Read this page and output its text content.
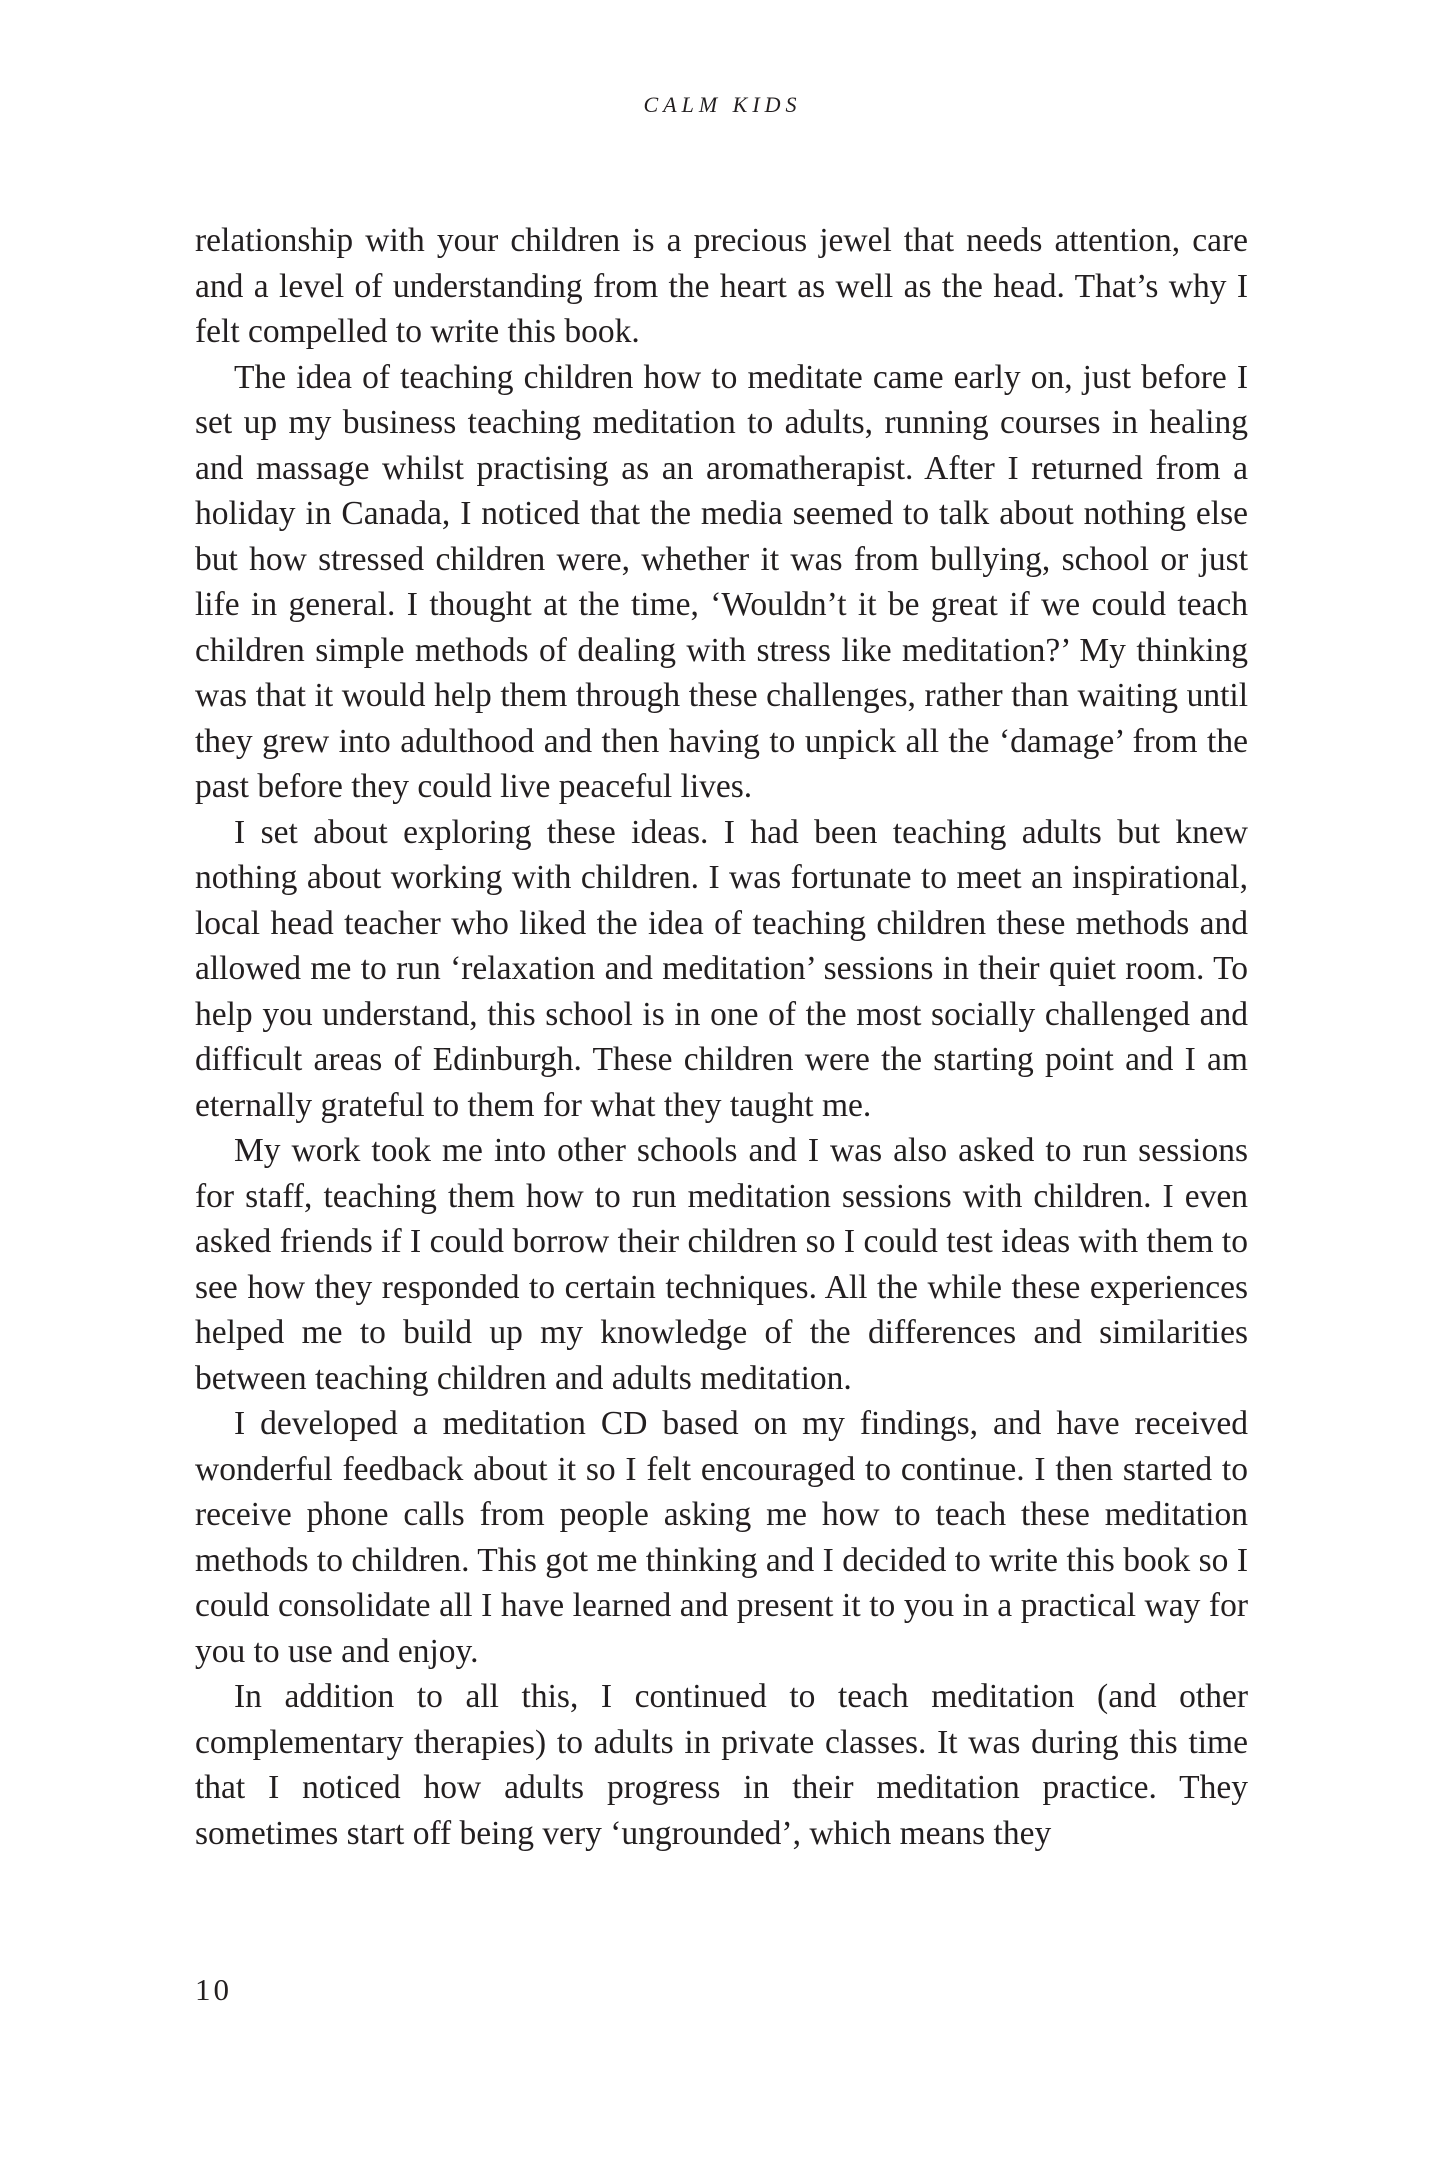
CALM KIDS

relationship with your children is a precious jewel that needs attention, care and a level of understanding from the heart as well as the head. That’s why I felt compelled to write this book.

The idea of teaching children how to meditate came early on, just before I set up my business teaching meditation to adults, running courses in healing and massage whilst practising as an aromatherapist. After I returned from a holiday in Canada, I noticed that the media seemed to talk about nothing else but how stressed children were, whether it was from bullying, school or just life in general. I thought at the time, ‘Wouldn’t it be great if we could teach children simple methods of dealing with stress like meditation?’ My thinking was that it would help them through these challenges, rather than waiting until they grew into adulthood and then having to unpick all the ‘damage’ from the past before they could live peaceful lives.

I set about exploring these ideas. I had been teaching adults but knew nothing about working with children. I was fortunate to meet an inspirational, local head teacher who liked the idea of teaching children these methods and allowed me to run ‘relaxation and meditation’ sessions in their quiet room. To help you understand, this school is in one of the most socially challenged and difficult areas of Edinburgh. These children were the starting point and I am eternally grateful to them for what they taught me.

My work took me into other schools and I was also asked to run sessions for staff, teaching them how to run meditation sessions with children. I even asked friends if I could borrow their children so I could test ideas with them to see how they responded to certain techniques. All the while these experiences helped me to build up my knowledge of the differences and similarities between teaching children and adults meditation.

I developed a meditation CD based on my findings, and have received wonderful feedback about it so I felt encouraged to continue. I then started to receive phone calls from people asking me how to teach these meditation methods to children. This got me thinking and I decided to write this book so I could consolidate all I have learned and present it to you in a practical way for you to use and enjoy.

In addition to all this, I continued to teach meditation (and other complementary therapies) to adults in private classes. It was during this time that I noticed how adults progress in their meditation practice. They sometimes start off being very ‘ungrounded’, which means they

10
